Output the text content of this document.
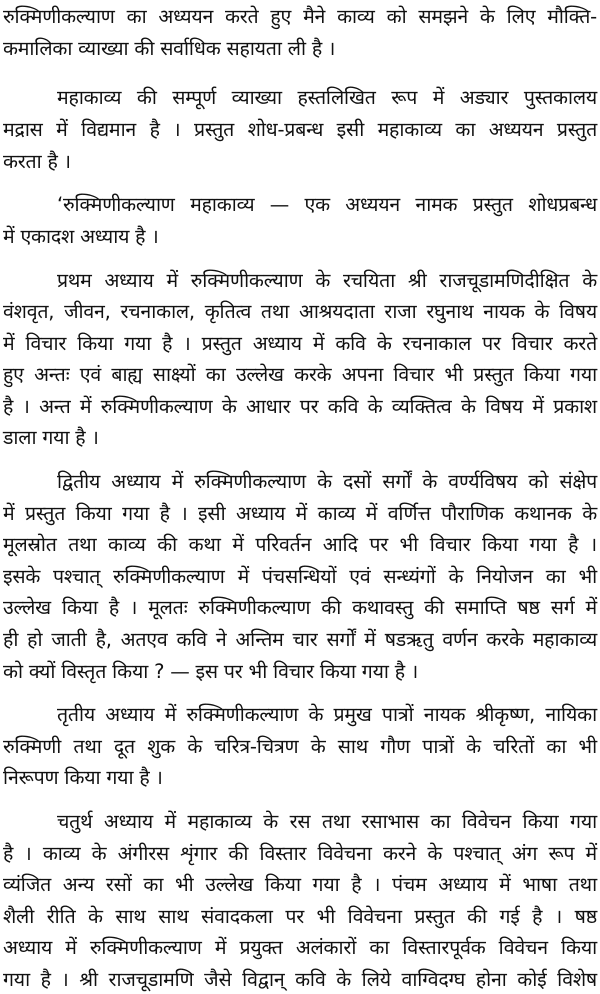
रुक्मिणीकल्याण का अध्ययन करते हुए मैने काव्य को समझने के लिए मौक्ति-
कमालिका व्याख्या की सर्वाधिक सहायता ली है ।
महाकाव्य की सम्पूर्ण व्याख्या हस्तलिखित रूप में अड्यार पुस्तकालय
मद्रास में विद्यमान है । प्रस्तुत शोध-प्रबन्ध इसी महाकाव्य का अध्ययन प्रस्तुत
करता है ।
‘रुक्मिणीकल्याण महाकाव्य — एक अध्ययन नामक प्रस्तुत शोधप्रबन्ध
में एकादश अध्याय है ।
प्रथम अध्याय में रुक्मिणीकल्याण के रचयिता श्री राजचूडामणिदीक्षित के
वंशवृत, जीवन, रचनाकाल, कृतित्व तथा आश्रयदाता राजा रघुनाथ नायक के विषय
में विचार किया गया है । प्रस्तुत अध्याय में कवि के रचनाकाल पर विचार करते
हुए अन्तः एवं बाह्य साक्ष्यों का उल्लेख करके अपना विचार भी प्रस्तुत किया गया
है । अन्त में रुक्मिणीकल्याण के आधार पर कवि के व्यक्तित्व के विषय में प्रकाश
डाला गया है ।
द्वितीय अध्याय में रुक्मिणीकल्याण के दसों सर्गों के वर्ण्यविषय को संक्षेप
में प्रस्तुत किया गया है । इसी अध्याय में काव्य में वर्णित्त पौराणिक कथानक के
मूलस्रोत तथा काव्य की कथा में परिवर्तन आदि पर भी विचार किया गया है ।
इसके पश्चात् रुक्मिणीकल्याण में पंचसन्धियों एवं सन्ध्यंगों के नियोजन का भी
उल्लेख किया है । मूलतः रुक्मिणीकल्याण की कथावस्तु की समाप्ति षष्ठ सर्ग में
ही हो जाती है, अतएव कवि ने अन्तिम चार सर्गों में षडऋतु वर्णन करके महाकाव्य
को क्यों विस्तृत किया ? — इस पर भी विचार किया गया है ।
तृतीय अध्याय में रुक्मिणीकल्याण के प्रमुख पात्रों नायक श्रीकृष्ण, नायिका
रुक्मिणी तथा दूत शुक के चरित्र-चित्रण के साथ गौण पात्रों के चरितों का भी
निरूपण किया गया है ।
चतुर्थ अध्याय में महाकाव्य के रस तथा रसाभास का विवेचन किया गया
है । काव्य के अंगीरस शृंगार की विस्तार विवेचना करने के पश्चात् अंग रूप में
व्यंजित अन्य रसों का भी उल्लेख किया गया है । पंचम अध्याय में भाषा तथा
शैली रीति के साथ साथ संवादकला पर भी विवेचना प्रस्तुत की गई है । षष्ठ
अध्याय में रुक्मिणीकल्याण में प्रयुक्त अलंकारों का विस्तारपूर्वक विवेचन किया
गया है । श्री राजचूडामणि जैसे विद्वान् कवि के लिये वाग्विदग्घ होना कोई विशेष
